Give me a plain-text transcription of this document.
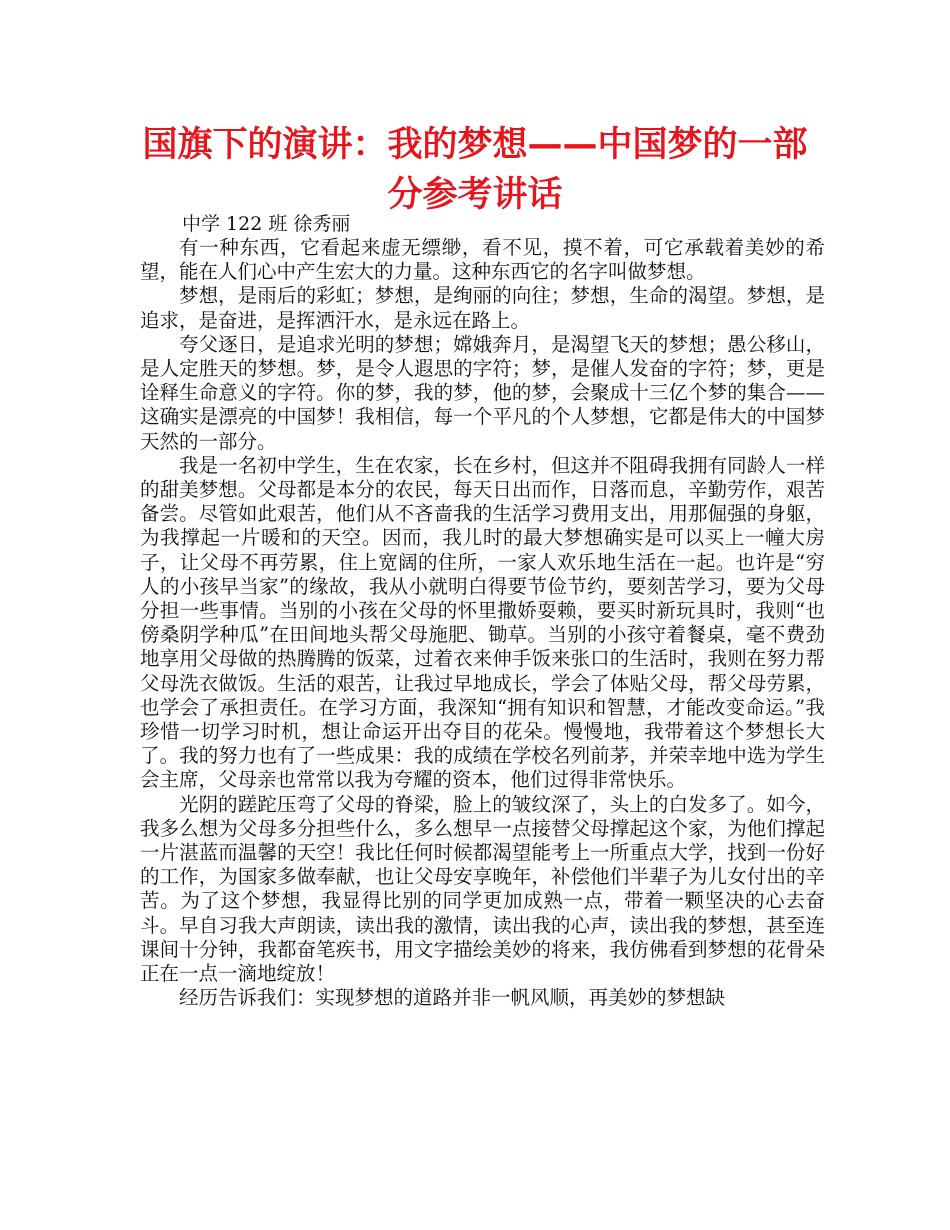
国旗下的演讲：我的梦想——中国梦的一部分参考讲话
中学 122 班 徐秀丽

有一种东西，它看起来虚无缥缈，看不见，摸不着，可它承载着美妙的希望，能在人们心中产生宏大的力量。这种东西它的名字叫做梦想。

梦想，是雨后的彩虹；梦想，是绚丽的向往；梦想，生命的渴望。梦想，是追求，是奋进，是挥洒汗水，是永远在路上。

夸父逐日，是追求光明的梦想；嫦娥奔月，是渴望飞天的梦想；愚公移山，是人定胜天的梦想。梦，是令人遐思的字符；梦，是催人发奋的字符；梦，更是诠释生命意义的字符。你的梦，我的梦，他的梦，会聚成十三亿个梦的集合——这确实是漂亮的中国梦！我相信，每一个平凡的个人梦想，它都是伟大的中国梦天然的一部分。

我是一名初中学生，生在农家，长在乡村，但这并不阻碍我拥有同龄人一样的甜美梦想。父母都是本分的农民，每天日出而作，日落而息，辛勤劳作，艰苦备尝。尽管如此艰苦，他们从不吝啬我的生活学习费用支出，用那倔强的身躯，为我撑起一片暖和的天空。因而，我儿时的最大梦想确实是可以买上一幢大房子，让父母不再劳累，住上宽阔的住所，一家人欢乐地生活在一起。也许是“穷人的小孩早当家”的缘故，我从小就明白得要节俭节约，要刻苦学习，要为父母分担一些事情。当别的小孩在父母的怀里撒娇耍赖，要买时新玩具时，我则“也傍桑阴学种瓜”在田间地头帮父母施肥、锄草。当别的小孩守着餐桌，毫不费劲地享用父母做的热腾腾的饭菜，过着衣来伸手饭来张口的生活时，我则在努力帮父母洗衣做饭。生活的艰苦，让我过早地成长，学会了体贴父母，帮父母劳累，也学会了承担责任。在学习方面，我深知“拥有知识和智慧，才能改变命运。”我珍惜一切学习时机，想让命运开出夺目的花朵。慢慢地，我带着这个梦想长大了。我的努力也有了一些成果：我的成绩在学校名列前茅，并荣幸地中选为学生会主席，父母亲也常常以我为夸耀的资本，他们过得非常快乐。

光阴的蹉跎压弯了父母的脊梁，脸上的皱纹深了，头上的白发多了。如今，我多么想为父母多分担些什么，多么想早一点接替父母撑起这个家，为他们撑起一片湛蓝而温馨的天空！我比任何时候都渴望能考上一所重点大学，找到一份好的工作，为国家多做奉献，也让父母安享晚年，补偿他们半辈子为儿女付出的辛苦。为了这个梦想，我显得比别的同学更加成熟一点，带着一颗坚决的心去奋斗。早自习我大声朗读，读出我的激情，读出我的心声，读出我的梦想，甚至连课间十分钟，我都奋笔疾书，用文字描绘美妙的将来，我仿佛看到梦想的花骨朵正在一点一滴地绽放！

经历告诉我们：实现梦想的道路并非一帆风顺，再美妙的梦想缺
